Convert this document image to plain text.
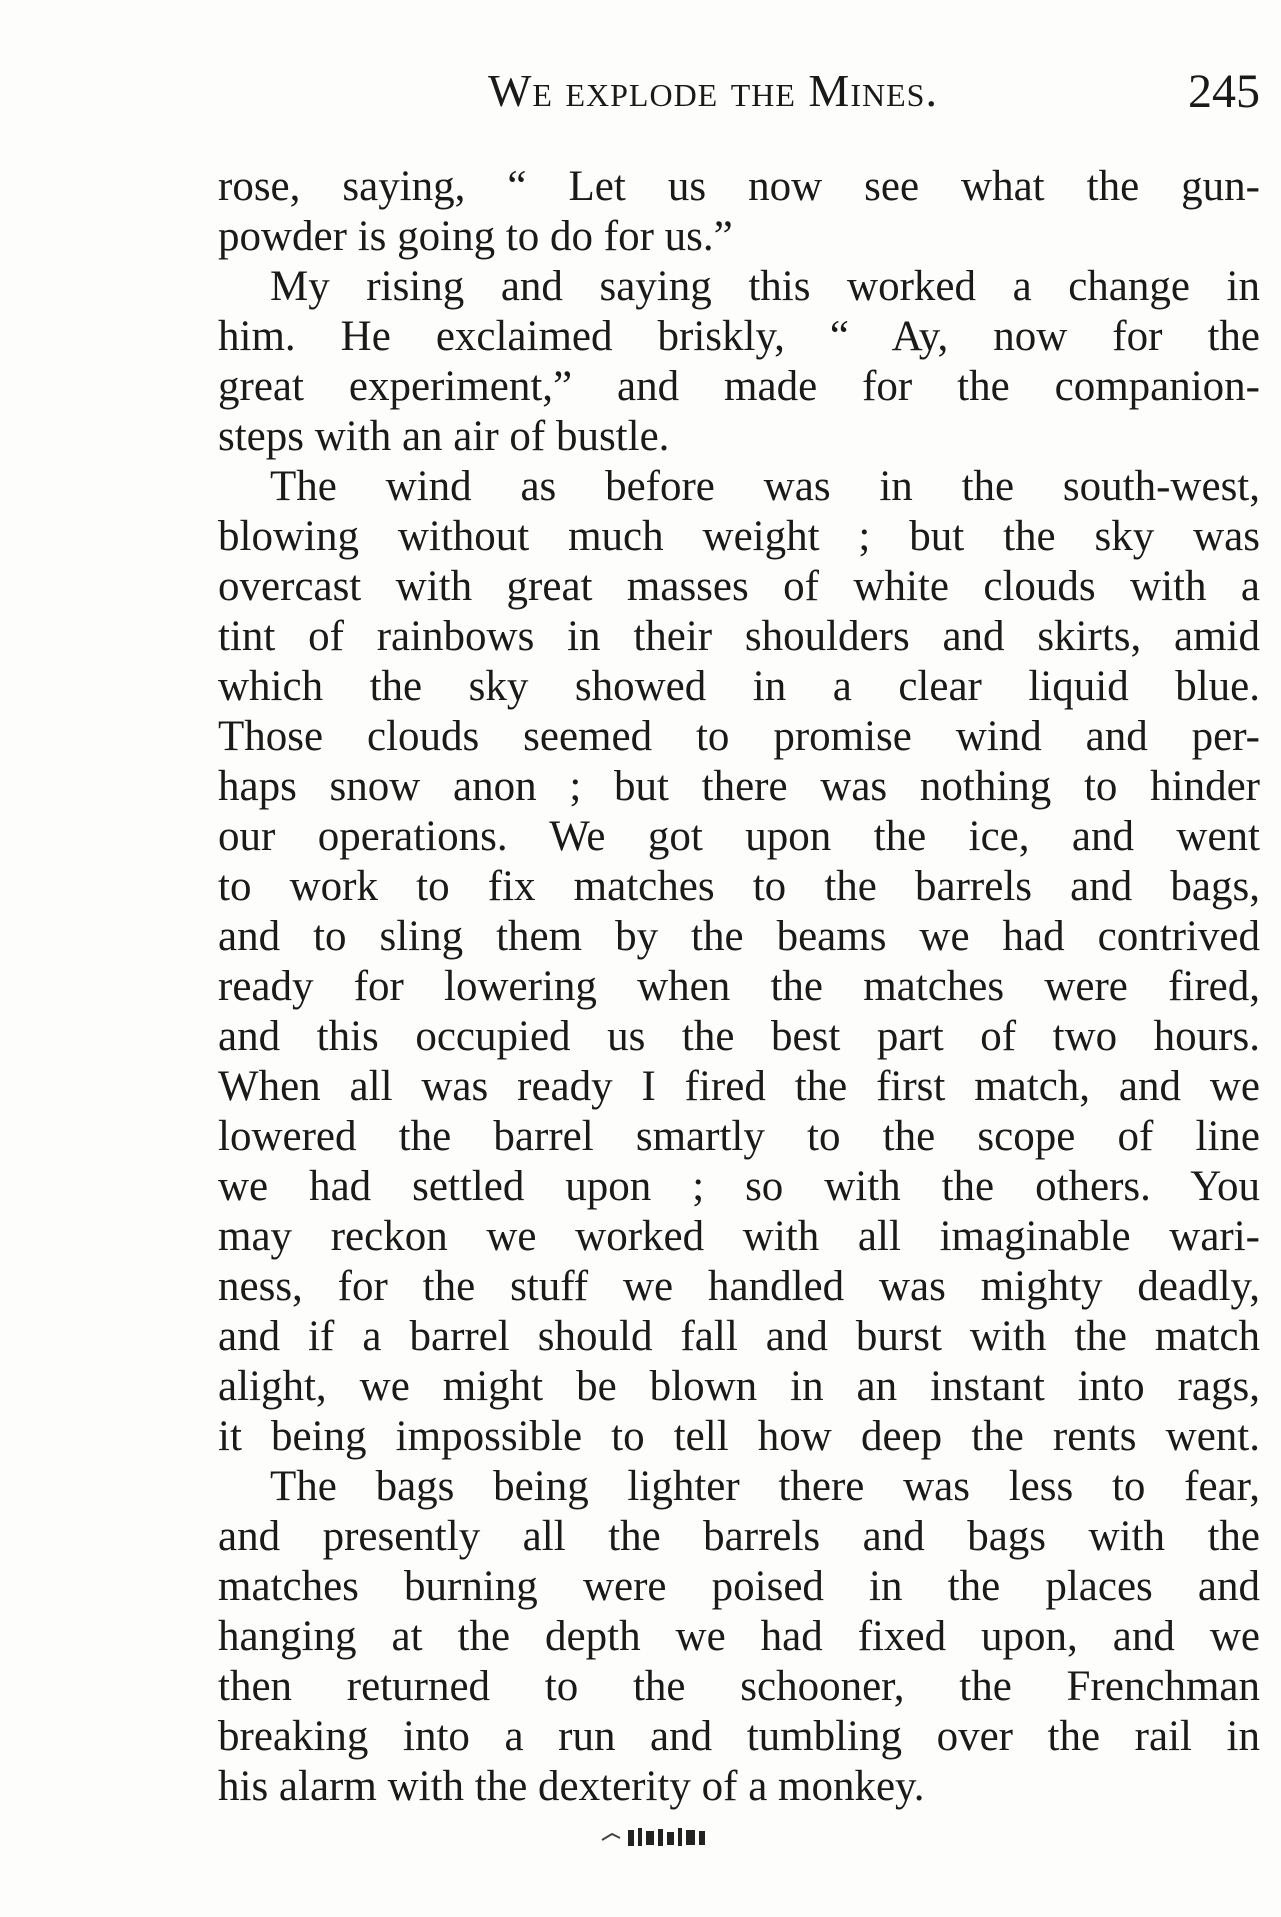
We explode the Mines.	245
rose, saying, “ Let us now see what the gun-
powder is going to do for us.”
My rising and saying this worked a change in
him. He exclaimed briskly, “ Ay, now for the
great experiment,” and made for the companion-
steps with an air of bustle.
The wind as before was in the south-west,
blowing without much weight ; but the sky was
overcast with great masses of white clouds with a
tint of rainbows in their shoulders and skirts, amid
which the sky showed in a clear liquid blue.
Those clouds seemed to promise wind and per-
haps snow anon ; but there was nothing to hinder
our operations. We got upon the ice, and went
to work to fix matches to the barrels and bags,
and to sling them by the beams we had contrived
ready for lowering when the matches were fired,
and this occupied us the best part of two hours.
When all was ready I fired the first match, and we
lowered the barrel smartly to the scope of line
we had settled upon ; so with the others. You
may reckon we worked with all imaginable wari-
ness, for the stuff we handled was mighty deadly,
and if a barrel should fall and burst with the match
alight, we might be blown in an instant into rags,
it being impossible to tell how deep the rents went.
The bags being lighter there was less to fear,
and presently all the barrels and bags with the
matches burning were poised in the places and
hanging at the depth we had fixed upon, and we
then returned to the schooner, the Frenchman
breaking into a run and tumbling over the rail in
his alarm with the dexterity of a monkey.
